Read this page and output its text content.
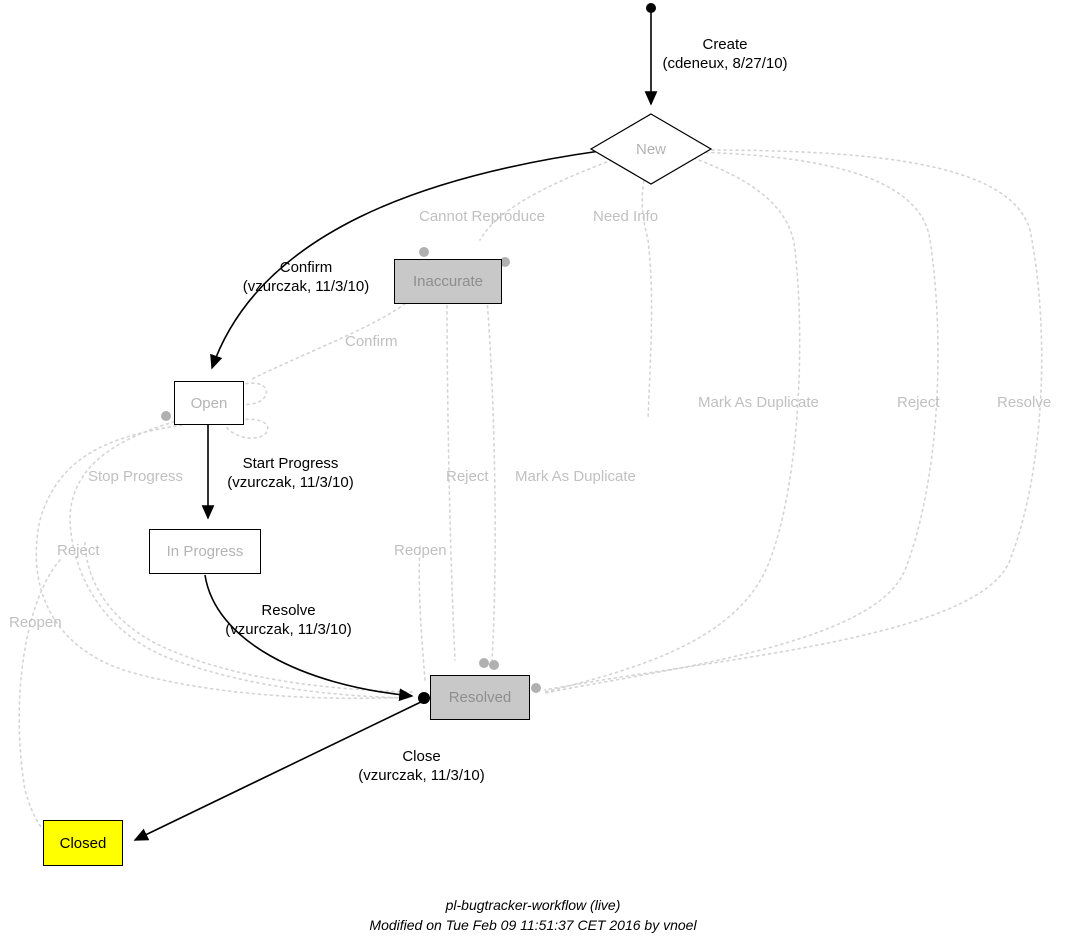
New
Inaccurate
Open
In Progress
Resolved
Closed
Create
(cdeneux, 8/27/10)
Confirm
(vzurczak, 11/3/10)
Start Progress
(vzurczak, 11/3/10)
Resolve
(vzurczak, 11/3/10)
Close
(vzurczak, 11/3/10)
Cannot Reproduce	Need Info
Confirm
Mark As Duplicate	Reject	Resolve
Stop Progress	Reject Mark As Duplicate
Reject	Reopen
Reopen
pl-bugtracker-workflow (live)
Modified on Tue Feb 09 11:51:37 CET 2016 by vnoel
